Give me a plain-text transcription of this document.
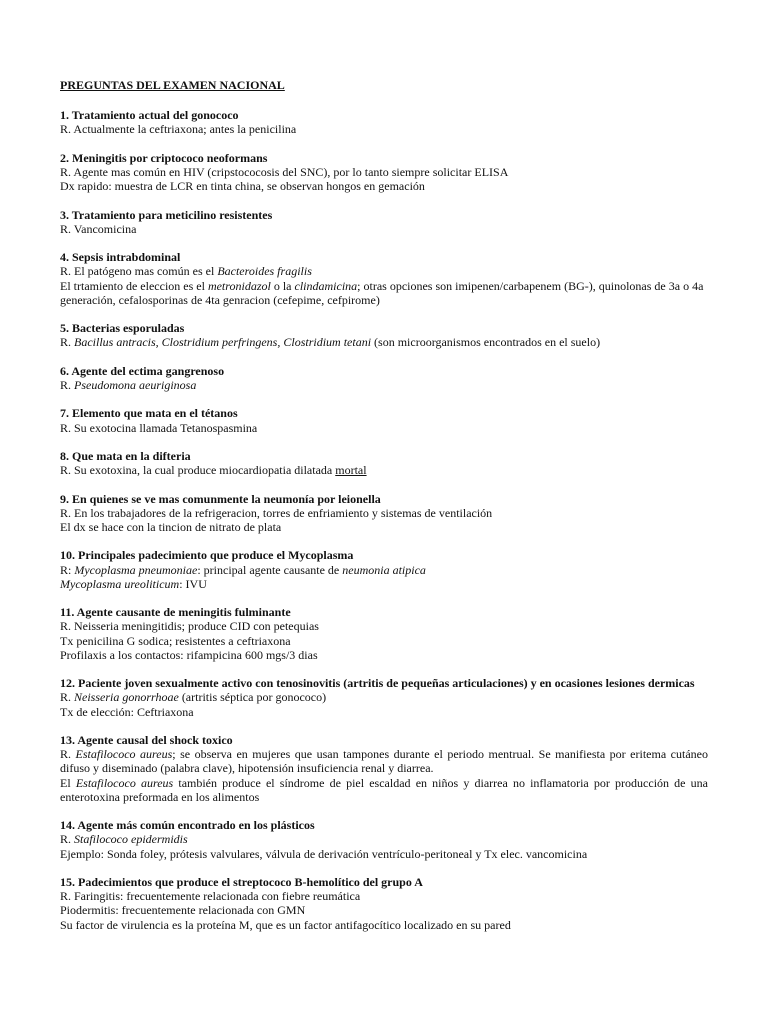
PREGUNTAS DEL EXAMEN NACIONAL
1. Tratamiento actual del gonococo
R. Actualmente la ceftriaxona; antes la penicilina
2. Meningitis por criptococo neoformans
R. Agente mas común en HIV (cripstococosis del SNC), por lo tanto siempre solicitar ELISA
Dx rapido: muestra de LCR en tinta china, se observan hongos en gemación
3. Tratamiento para meticilino resistentes
R. Vancomicina
4. Sepsis intrabdominal
R. El patógeno mas común es el Bacteroides fragilis
El trtamiento de eleccion es el metronidazol o la clindamicina; otras opciones son imipenen/carbapenem (BG-), quinolonas de 3a o 4a generación, cefalosporinas de 4ta genracion (cefepime, cefpirome)
5. Bacterias esporuladas
R. Bacillus antracis, Clostridium perfringens, Clostridium tetani (son microorganismos encontrados en el suelo)
6. Agente del ectima gangrenoso
R. Pseudomona aeuriginosa
7. Elemento que mata en el tétanos
R. Su exotocina llamada Tetanospasmina
8. Que mata en la difteria
R. Su exotoxina, la cual produce miocardiopatia dilatada mortal
9. En quienes se ve mas comunmente la neumonía por leionella
R. En los trabajadores de la refrigeracion, torres de enfriamiento y sistemas de ventilación
El dx se hace con la tincion de nitrato de plata
10. Principales padecimiento que produce el Mycoplasma
R: Mycoplasma pneumoniae: principal agente causante de neumonia atipica
Mycoplasma ureoliticum: IVU
11. Agente causante de meningitis fulminante
R. Neisseria meningitidis; produce CID con petequias
Tx penicilina G sodica; resistentes a ceftriaxona
Profilaxis a los contactos: rifampicina 600 mgs/3 dias
12. Paciente joven sexualmente activo con tenosinovitis (artritis de pequeñas articulaciones) y en ocasiones lesiones dermicas
R. Neisseria gonorrhoae (artritis séptica por gonococo)
Tx de elección: Ceftriaxona
13. Agente causal del shock toxico
R. Estafilococo aureus; se observa en mujeres que usan tampones durante el periodo mentrual. Se manifiesta por eritema cutáneo difuso y diseminado (palabra clave), hipotensión insuficiencia renal y diarrea.
El Estafilococo aureus también produce el síndrome de piel escaldad en niños y diarrea no inflamatoria por producción de una enterotoxina preformada en los alimentos
14. Agente más común encontrado en los plásticos
R. Stafilococo epidermidis
Ejemplo: Sonda foley, prótesis valvulares, válvula de derivación ventrículo-peritoneal y Tx elec. vancomicina
15. Padecimientos que produce el streptococo B-hemolítico del grupo A
R. Faringitis: frecuentemente relacionada con fiebre reumática
Piodermitis: frecuentemente relacionada con GMN
Su factor de virulencia es la proteína M, que es un factor antifagocítico localizado en su pared
